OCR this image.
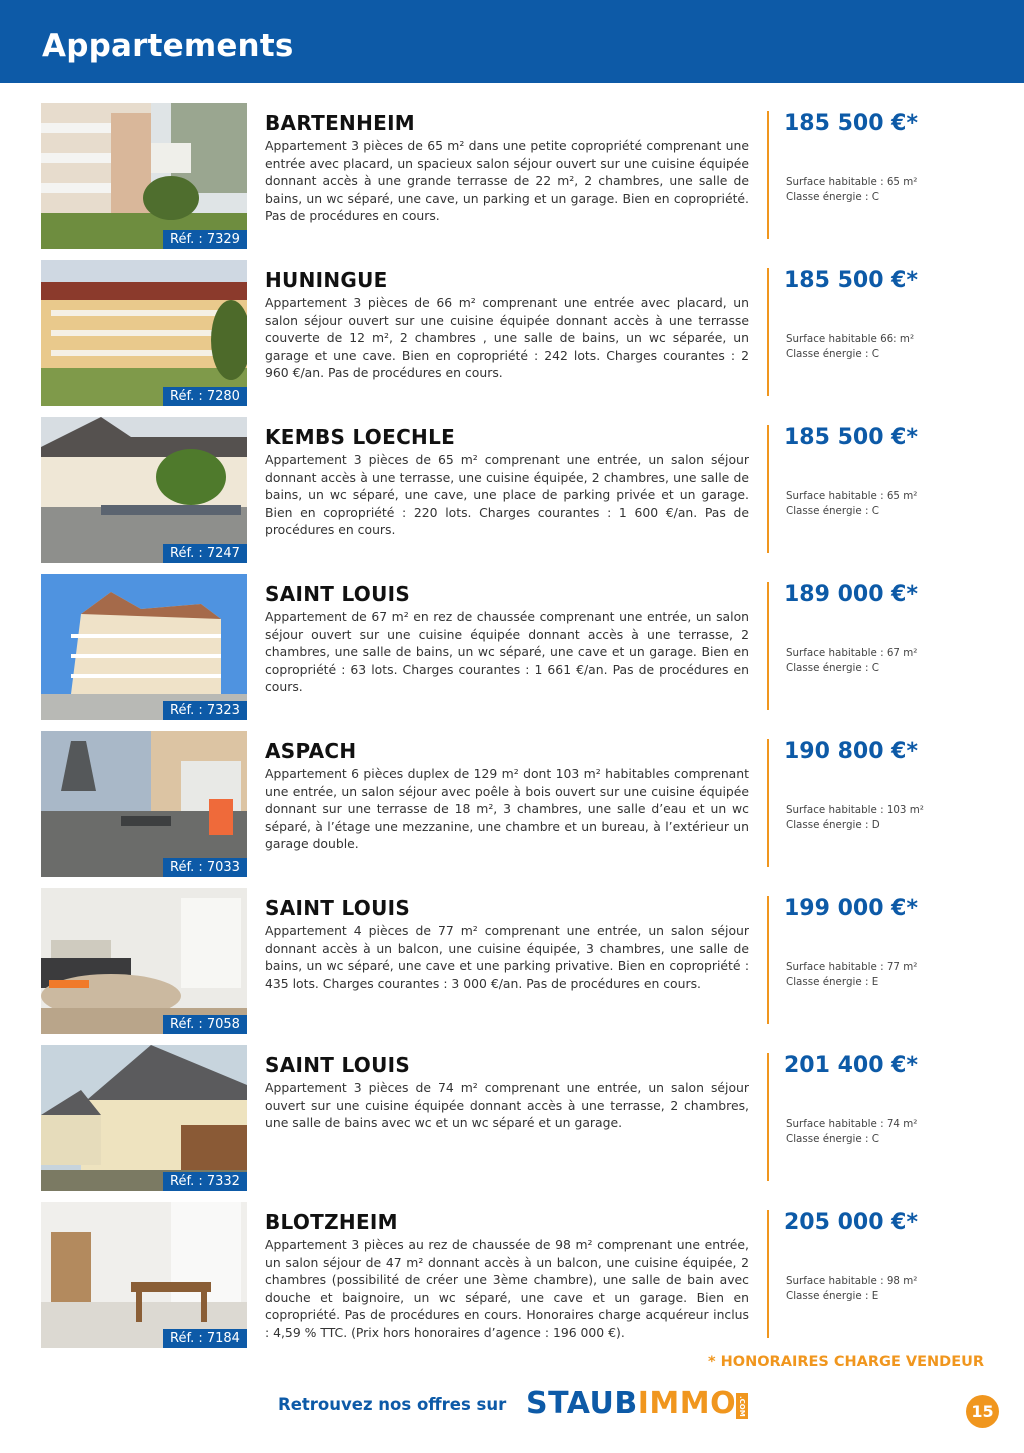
Appartements
Réf. : 7329
BARTENHEIM
Appartement 3 pièces de 65 m² dans une petite copropriété comprenant une entrée avec placard, un spacieux salon séjour ouvert sur une cuisine équipée donnant accès à une grande terrasse de 22 m², 2 chambres, une salle de bains, un wc séparé, une cave, un parking et un garage. Bien en copropriété. Pas de procédures en cours.
185 500 €*
Surface habitable : 65 m²
Classe énergie : C
Réf. : 7280
HUNINGUE
Appartement 3 pièces de 66 m² comprenant une entrée avec placard, un salon séjour ouvert sur une cuisine équipée donnant accès à une terrasse couverte de 12 m², 2 chambres , une salle de bains, un wc séparée, un garage et une cave. Bien en copropriété : 242 lots. Charges courantes : 2 960 €/an. Pas de procédures en cours.
185 500 €*
Surface habitable 66: m²
Classe énergie : C
Réf. : 7247
KEMBS LOECHLE
Appartement 3 pièces de 65 m² comprenant une entrée, un salon séjour donnant accès à une terrasse, une cuisine équipée, 2 chambres, une salle de bains, un wc séparé, une cave, une place de parking privée et un garage. Bien en copropriété : 220 lots. Charges courantes : 1 600 €/an. Pas de procédures en cours.
185 500 €*
Surface habitable : 65 m²
Classe énergie : C
Réf. : 7323
SAINT LOUIS
Appartement de 67 m² en rez de chaussée comprenant une entrée, un salon séjour ouvert sur une cuisine équipée donnant accès à une terrasse, 2 chambres, une salle de bains, un wc séparé, une cave et un garage. Bien en copropriété : 63 lots. Charges courantes : 1 661 €/an. Pas de procédures en cours.
189 000 €*
Surface habitable : 67 m²
Classe énergie : C
Réf. : 7033
ASPACH
Appartement 6 pièces duplex de 129 m² dont 103 m² habitables comprenant une entrée, un salon séjour avec poêle à bois ouvert sur une cuisine équipée donnant sur une terrasse de 18 m², 3 chambres, une salle d’eau et un wc séparé, à l’étage une mezzanine, une chambre et un bureau, à l’extérieur un garage double.
190 800 €*
Surface habitable : 103 m²
Classe énergie : D
Réf. : 7058
SAINT LOUIS
Appartement 4 pièces de 77 m² comprenant une entrée, un salon séjour donnant accès à un balcon, une cuisine équipée, 3 chambres, une salle de bains, un wc séparé, une cave et une parking privative. Bien en copropriété : 435 lots. Charges courantes : 3 000 €/an. Pas de procédures en cours.
199 000 €*
Surface habitable : 77 m²
Classe énergie : E
Réf. : 7332
SAINT LOUIS
Appartement 3 pièces de 74 m² comprenant une entrée, un salon séjour ouvert sur une cuisine équipée donnant accès à une terrasse, 2 chambres, une salle de bains avec wc et un wc séparé et un garage.
201 400 €*
Surface habitable : 74 m²
Classe énergie : C
Réf. : 7184
BLOTZHEIM
Appartement 3 pièces au rez de chaussée de 98 m² comprenant une entrée, un salon séjour de 47 m² donnant accès à un balcon, une cuisine équipée, 2 chambres (possibilité de créer une 3ème chambre), une salle de bain avec douche et baignoire, un wc séparé, une cave et un garage. Bien en copropriété. Pas de procédures en cours. Honoraires charge acquéreur inclus : 4,59 % TTC. (Prix hors honoraires d’agence : 196 000 €).
205 000 €*
Surface habitable : 98 m²
Classe énergie : E
* HONORAIRES CHARGE VENDEUR
Retrouvez nos offres sur STAUBIMMO .COM	15
